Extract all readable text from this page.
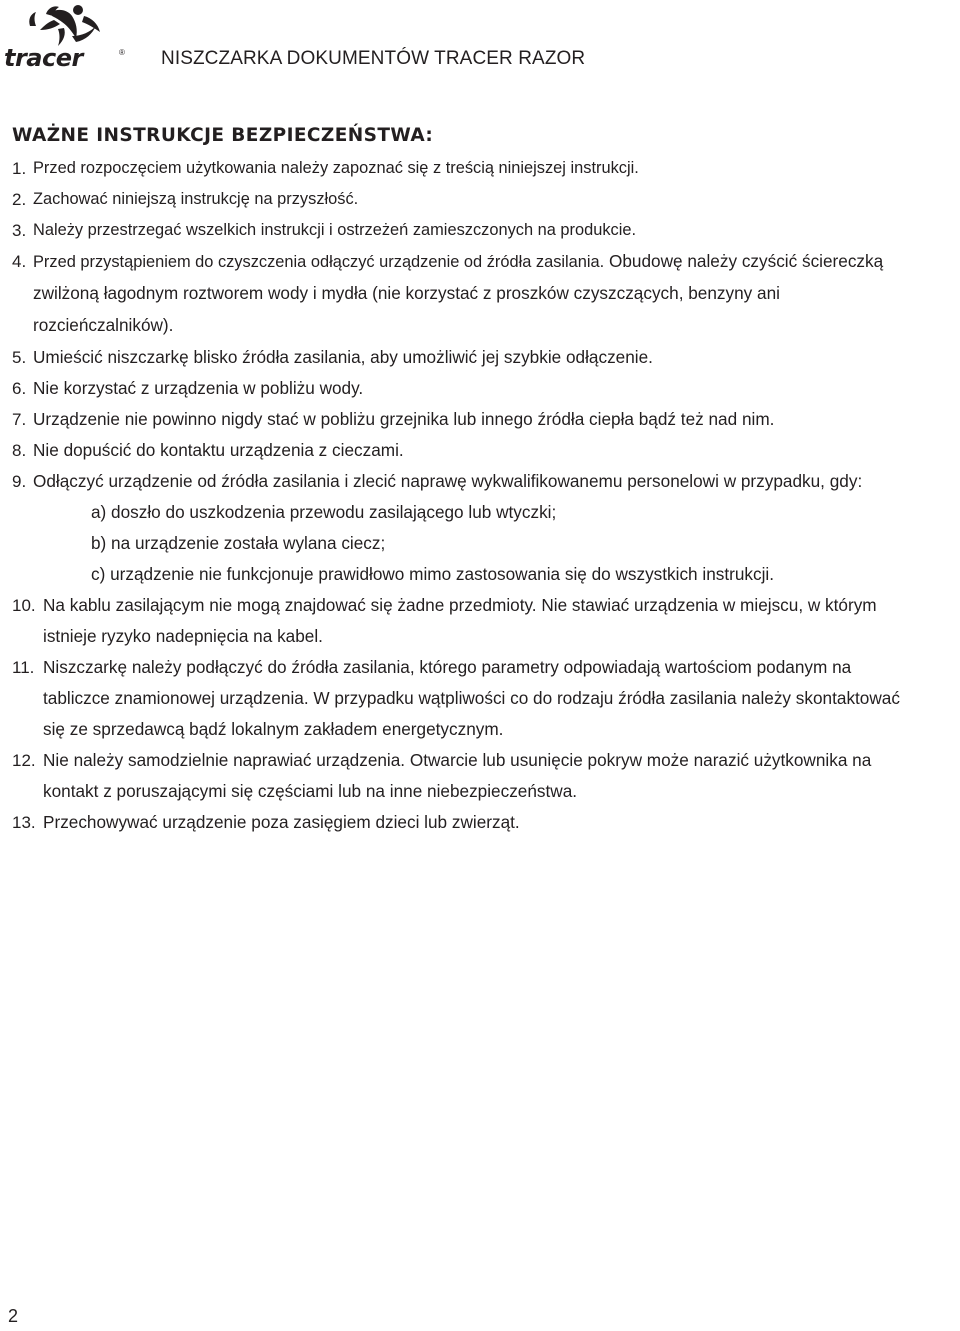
tracer	® NISZCZARKA DOKUMENTÓW TRACER RAZOR
WAŻNE INSTRUKCJE BEZPIECZEŃSTWA:
1. Przed rozpoczęciem użytkowania należy zapoznać się z treścią niniejszej instrukcji.
2. Zachować niniejszą instrukcję na przyszłość.
3. Należy przestrzegać wszelkich instrukcji i ostrzeżeń zamieszczonych na produkcie.
4. Przed przystąpieniem do czyszczenia odłączyć urządzenie od źródła zasilania. Obudowę należy czyścić ściereczką zwilżoną łagodnym roztworem wody i mydła (nie korzystać z proszków czyszczących, benzyny ani rozcieńczalników).
5. Umieścić niszczarkę blisko źródła zasilania, aby umożliwić jej szybkie odłączenie.
6. Nie korzystać z urządzenia w pobliżu wody.
7. Urządzenie nie powinno nigdy stać w pobliżu grzejnika lub innego źródła ciepła bądź też nad nim.
8. Nie dopuścić do kontaktu urządzenia z cieczami.
9. Odłączyć urządzenie od źródła zasilania i zlecić naprawę wykwalifikowanemu personelowi w przypadku, gdy:
a) doszło do uszkodzenia przewodu zasilającego lub wtyczki;
b) na urządzenie została wylana ciecz;
c) urządzenie nie funkcjonuje prawidłowo mimo zastosowania się do wszystkich instrukcji.
10. Na kablu zasilającym nie mogą znajdować się żadne przedmioty. Nie stawiać urządzenia w miejscu, w którym istnieje ryzyko nadepnięcia na kabel.
11. Niszczarkę należy podłączyć do źródła zasilania, którego parametry odpowiadają wartościom podanym na tabliczce znamionowej urządzenia. W przypadku wątpliwości co do rodzaju źródła zasilania należy skontaktować się ze sprzedawcą bądź lokalnym zakładem energetycznym.
12. Nie należy samodzielnie naprawiać urządzenia. Otwarcie lub usunięcie pokryw może narazić użytkownika na kontakt z poruszającymi się częściami lub na inne niebezpieczeństwa.
13. Przechowywać urządzenie poza zasięgiem dzieci lub zwierząt.
2
